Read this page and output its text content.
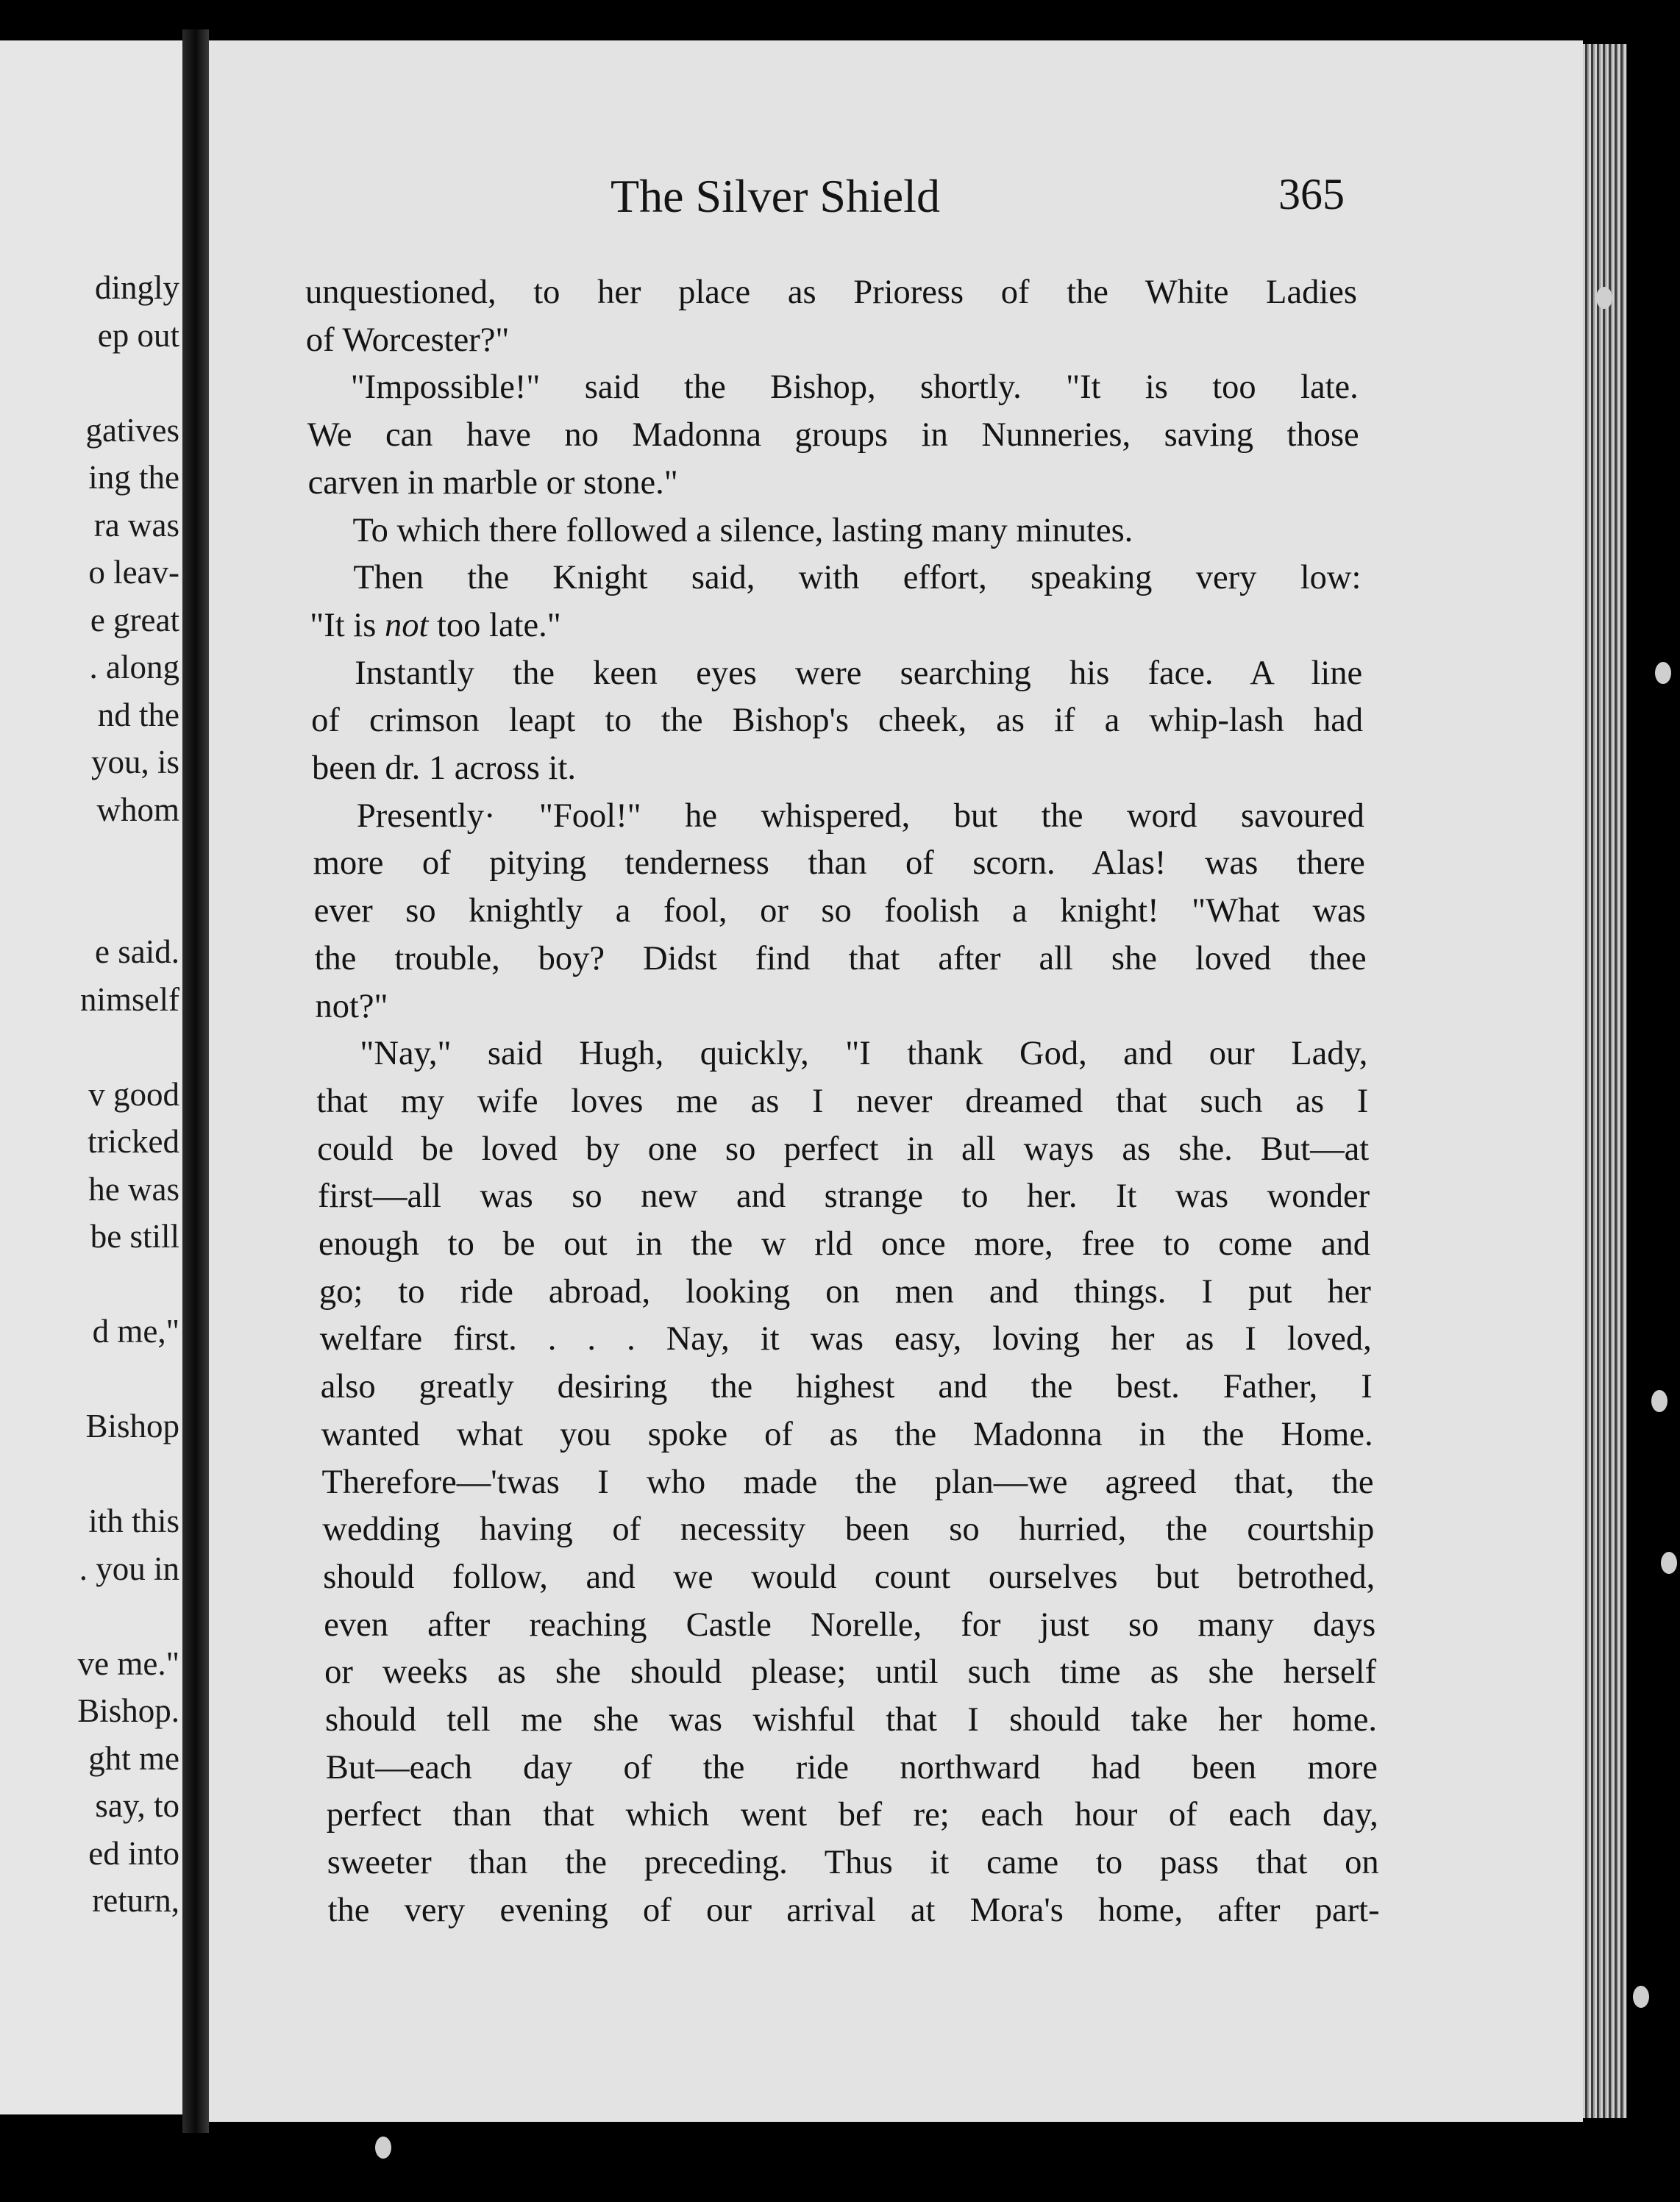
dingly
ep out
gatives
ing the
ra was
o leav-
e great
. along
nd the
you, is
whom
e said.
nimself
v good
tricked
he was
be still
d me,"
Bishop
ith this
. you in
ve me."
Bishop.
ght me
say, to
ed into
return,
The Silver Shield	365
unquestioned, to her place as Prioress of the White Ladies
of Worcester?"
"Impossible!" said the Bishop, shortly. "It is too late.
We can have no Madonna groups in Nunneries, saving those
carven in marble or stone."
To which there followed a silence, lasting many minutes.
Then the Knight said, with effort, speaking very low:
"It is not too late."
Instantly the keen eyes were searching his face. A line
of crimson leapt to the Bishop's cheek, as if a whip-lash had
been dr. 1 across it.
Presently· "Fool!" he whispered, but the word savoured
more of pitying tenderness than of scorn. Alas! was there
ever so knightly a fool, or so foolish a knight! "What was
the trouble, boy? Didst find that after all she loved thee
not?"
"Nay," said Hugh, quickly, "I thank God, and our Lady,
that my wife loves me as I never dreamed that such as I
could be loved by one so perfect in all ways as she. But—at
first—all was so new and strange to her. It was wonder
enough to be out in the w rld once more, free to come and
go; to ride abroad, looking on men and things. I put her
welfare first. . . . Nay, it was easy, loving her as I loved,
also greatly desiring the highest and the best. Father, I
wanted what you spoke of as the Madonna in the Home.
Therefore—'twas I who made the plan—we agreed that, the
wedding having of necessity been so hurried, the courtship
should follow, and we would count ourselves but betrothed,
even after reaching Castle Norelle, for just so many days
or weeks as she should please; until such time as she herself
should tell me she was wishful that I should take her home.
But—each day of the ride northward had been more
perfect than that which went bef re; each hour of each day,
sweeter than the preceding. Thus it came to pass that on
the very evening of our arrival at Mora's home, after part-
